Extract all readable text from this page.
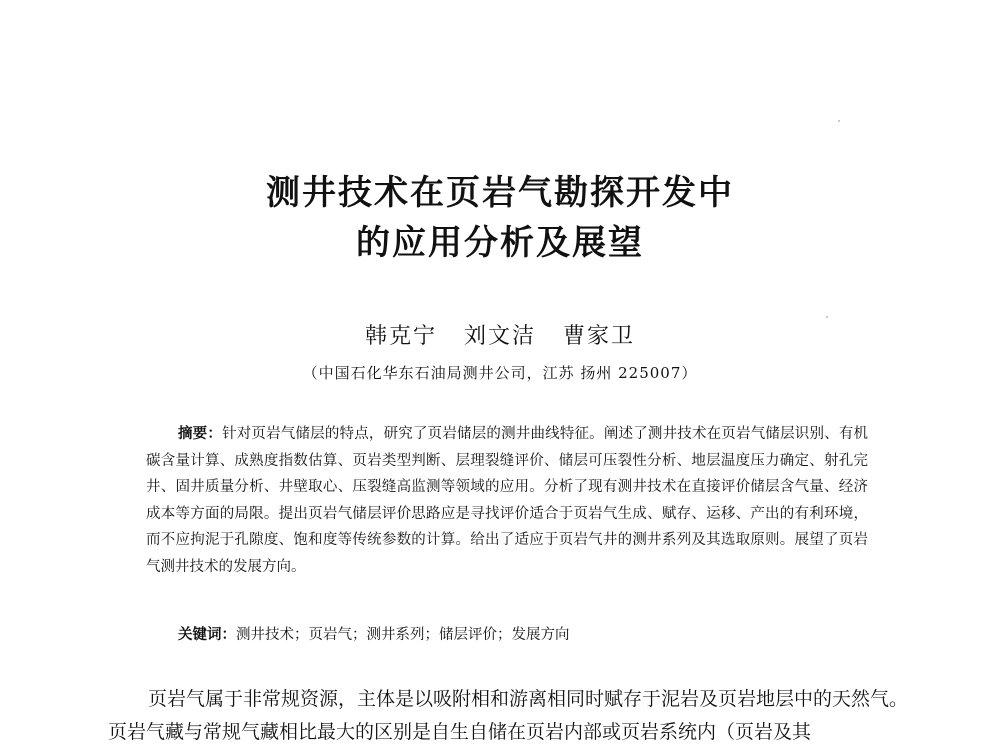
测井技术在页岩气勘探开发中
的应用分析及展望
韩克宁   刘文洁   曹家卫
（中国石化华东石油局测井公司，江苏 扬州 225007）
摘要：针对页岩气储层的特点，研究了页岩储层的测井曲线特征。阐述了测井技术在页岩气储层识别、有机碳含量计算、成熟度指数估算、页岩类型判断、层理裂缝评价、储层可压裂性分析、地层温度压力确定、射孔完井、固井质量分析、井壁取心、压裂缝高监测等领域的应用。分析了现有测井技术在直接评价储层含气量、经济成本等方面的局限。提出页岩气储层评价思路应是寻找评价适合于页岩气生成、赋存、运移、产出的有利环境，而不应拘泥于孔隙度、饱和度等传统参数的计算。给出了适应于页岩气井的测井系列及其选取原则。展望了页岩气测井技术的发展方向。
关键词：测井技术；页岩气；测井系列；储层评价；发展方向
页岩气属于非常规资源，主体是以吸附相和游离相同时赋存于泥岩及页岩地层中的天然气。页岩气藏与常规气藏相比最大的区别是自生自储在页岩内部或页岩系统内（页岩及其
